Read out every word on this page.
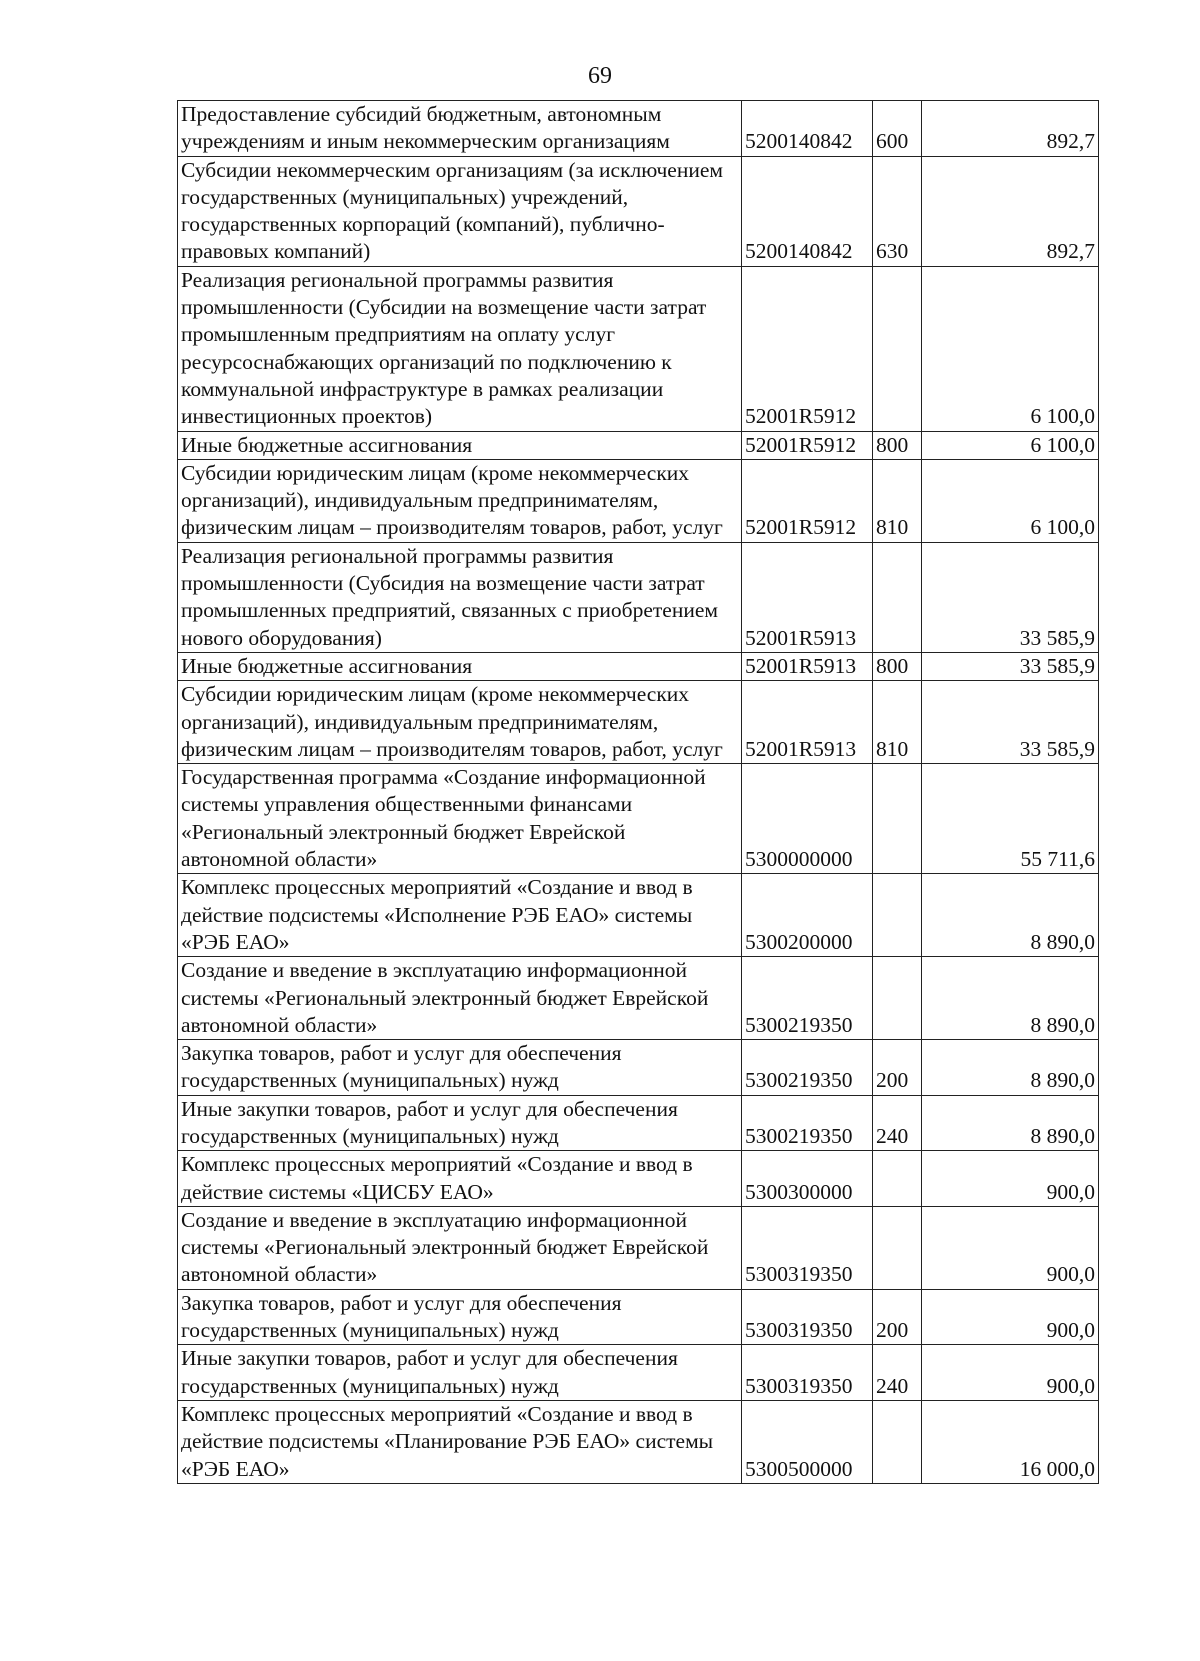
69
Предоставление субсидий бюджетным, автономным учреждениям и иным некоммерческим организациям	5200140842	600	892,7
Субсидии некоммерческим организациям (за исключением государственных (муниципальных) учреждений, государственных корпораций (компаний), публично-правовых компаний)	5200140842	630	892,7
Реализация региональной программы развития промышленности (Субсидии на возмещение части затрат промышленным предприятиям на оплату услуг ресурсоснабжающих организаций по подключению к коммунальной инфраструктуре в рамках реализации инвестиционных проектов)	52001R5912		6 100,0
Иные бюджетные ассигнования	52001R5912	800	6 100,0
Субсидии юридическим лицам (кроме некоммерческих организаций), индивидуальным предпринимателям, физическим лицам – производителям товаров, работ, услуг	52001R5912	810	6 100,0
Реализация региональной программы развития промышленности (Субсидия на возмещение части затрат промышленных предприятий, связанных с приобретением нового оборудования)	52001R5913		33 585,9
Иные бюджетные ассигнования	52001R5913	800	33 585,9
Субсидии юридическим лицам (кроме некоммерческих организаций), индивидуальным предпринимателям, физическим лицам – производителям товаров, работ, услуг	52001R5913	810	33 585,9
Государственная программа «Создание информационной системы управления общественными финансами «Региональный электронный бюджет Еврейской автономной области»	5300000000		55 711,6
Комплекс процессных мероприятий «Создание и ввод в действие подсистемы «Исполнение РЭБ ЕАО» системы «РЭБ ЕАО»	5300200000		8 890,0
Создание и введение в эксплуатацию информационной системы «Региональный электронный бюджет Еврейской автономной области»	5300219350		8 890,0
Закупка товаров, работ и услуг для обеспечения государственных (муниципальных) нужд	5300219350	200	8 890,0
Иные закупки товаров, работ и услуг для обеспечения государственных (муниципальных) нужд	5300219350	240	8 890,0
Комплекс процессных мероприятий «Создание и ввод в действие системы «ЦИСБУ ЕАО»	5300300000		900,0
Создание и введение в эксплуатацию информационной системы «Региональный электронный бюджет Еврейской автономной области»	5300319350		900,0
Закупка товаров, работ и услуг для обеспечения государственных (муниципальных) нужд	5300319350	200	900,0
Иные закупки товаров, работ и услуг для обеспечения государственных (муниципальных) нужд	5300319350	240	900,0
Комплекс процессных мероприятий «Создание и ввод в действие подсистемы «Планирование РЭБ ЕАО» системы «РЭБ ЕАО»	5300500000		16 000,0
